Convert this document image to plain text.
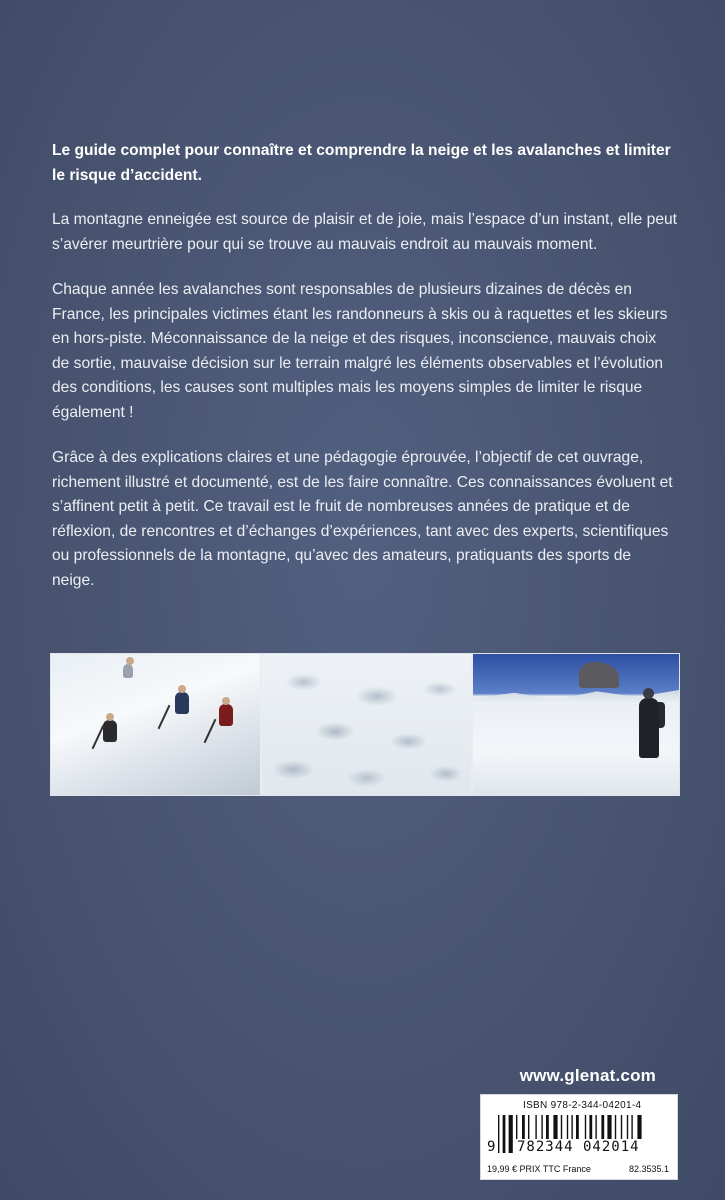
Le guide complet pour connaître et comprendre la neige et les avalanches et limiter le risque d’accident.

La montagne enneigée est source de plaisir et de joie, mais l’espace d’un instant, elle peut s’avérer meurtrière pour qui se trouve au mauvais endroit au mauvais moment.

Chaque année les avalanches sont responsables de plusieurs dizaines de décès en France, les principales victimes étant les randonneurs à skis ou à raquettes et les skieurs en hors-piste. Méconnaissance de la neige et des risques, inconscience, mauvais choix de sortie, mauvaise décision sur le terrain malgré les éléments observables et l’évolution des conditions, les causes sont multiples mais les moyens simples de limiter le risque également !

Grâce à des explications claires et une pédagogie éprouvée, l’objectif de cet ouvrage, richement illustré et documenté, est de les faire connaître. Ces connaissances évoluent et s’affinent petit à petit. Ce travail est le fruit de nombreuses années de pratique et de réflexion, de rencontres et d’échanges d’expériences, tant avec des experts, scientifiques ou professionnels de la montagne, qu’avec des amateurs, pratiquants des sports de neige.

www.glenat.com
ISBN 978-2-344-04201-4
9 782344 042014
19,99 € PRIX TTC France	82.3535.1
